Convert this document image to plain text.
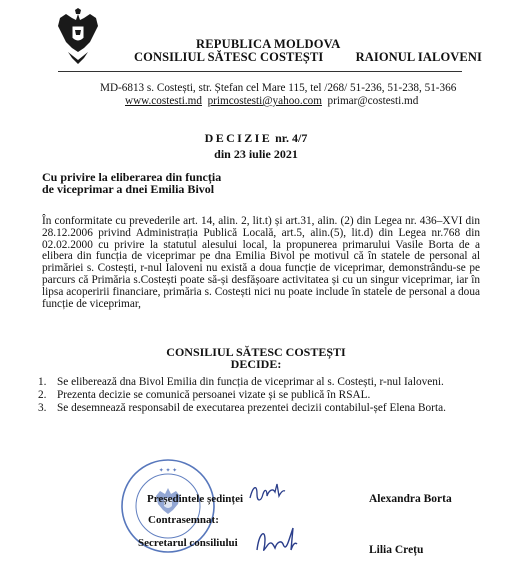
REPUBLICA MOLDOVA
CONSILIUL SĂTESC COSTEȘTI	RAIONUL IALOVENI
MD-6813 s. Costești, str. Ștefan cel Mare 115, tel /268/ 51-236, 51-238, 51-366
www.costesti.md primcostesti@yahoo.com primar@costesti.md
DECIZIE nr. 4/7
din 23 iulie 2021
Cu privire la eliberarea din funcția
de viceprimar a dnei Emilia Bivol
În conformitate cu prevederile art. 14, alin. 2, lit.t) și art.31, alin. (2) din Legea nr. 436–XVI din 28.12.2006 privind Administrația Publică Locală, art.5, alin.(5), lit.d) din Legea nr.768 din 02.02.2000 cu privire la statutul alesului local, la propunerea primarului Vasile Borta de a elibera din funcția de viceprimar pe dna Emilia Bivol pe motivul că în statele de personal al primăriei s. Costești, r-nul Ialoveni nu există a doua funcție de viceprimar, demonstrându-se pe parcurs că Primăria s.Costești poate să-și desfășoare activitatea și cu un singur viceprimar, iar în lipsa acoperirii financiare, primăria s. Costești nici nu poate include în statele de personal a doua funcție de viceprimar,
CONSILIUL SĂTESC COSTEȘTI
DECIDE:
1. Se eliberează dna Bivol Emilia din funcția de viceprimar al s. Costești, r-nul Ialoveni.
2. Prezenta decizie se comunică persoanei vizate și se publică în RSAL.
3. Se desemnează responsabil de executarea prezentei decizii contabilul-șef Elena Borta.
✦ ✦ ✦
Președintele ședinței
Contrasemnat:
Secretarul consiliului
Alexandra Borta
Lilia Crețu
